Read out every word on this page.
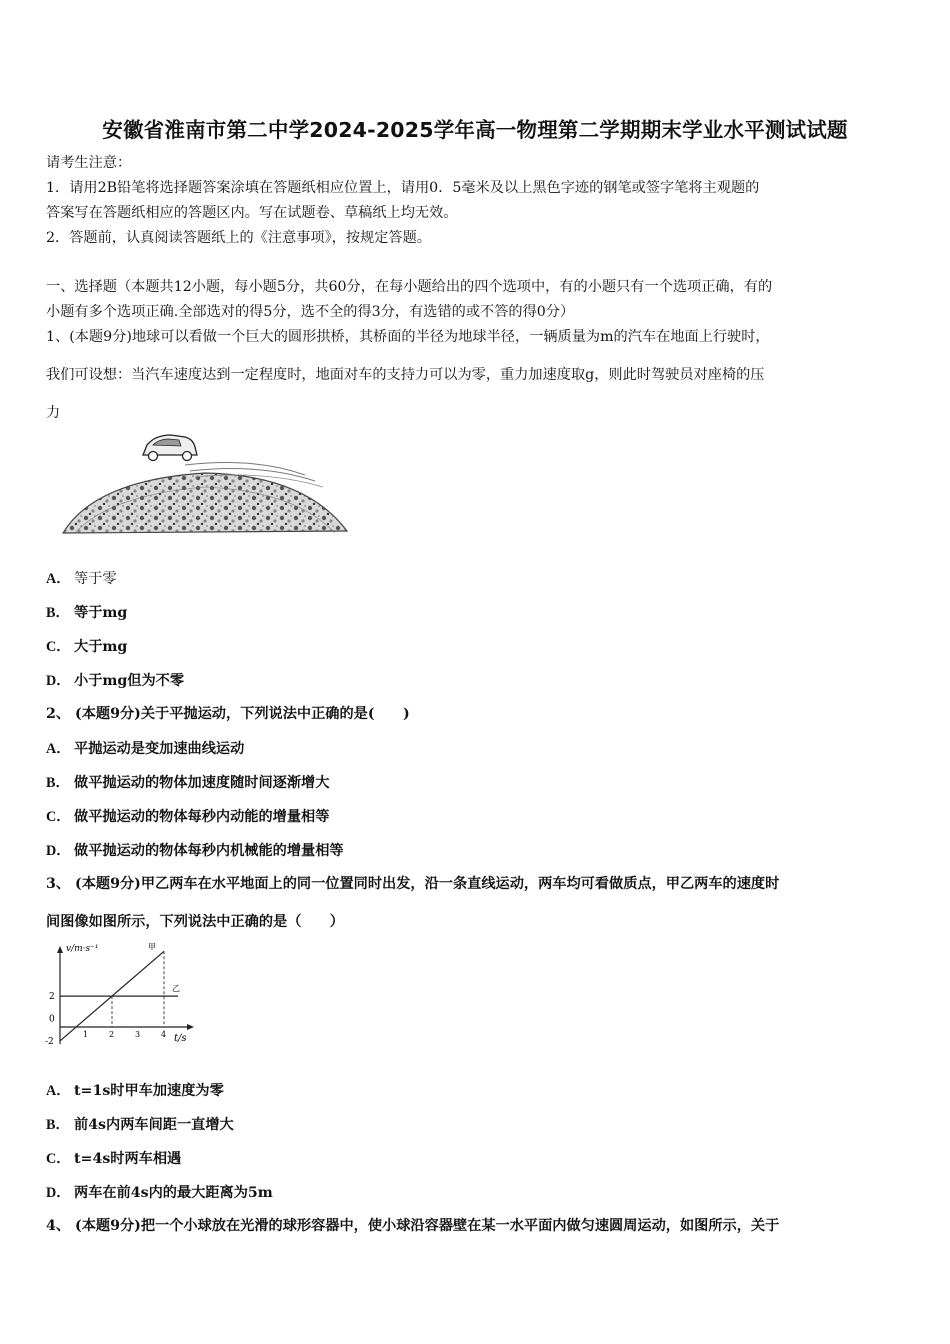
安徽省淮南市第二中学2024-2025学年高一物理第二学期期末学业水平测试试题
请考生注意：
1．请用2B铅笔将选择题答案涂填在答题纸相应位置上，请用0．5毫米及以上黑色字迹的钢笔或签字笔将主观题的
答案写在答题纸相应的答题区内。写在试题卷、草稿纸上均无效。
2．答题前，认真阅读答题纸上的《注意事项》，按规定答题。
一、选择题（本题共12小题，每小题5分，共60分，在每小题给出的四个选项中，有的小题只有一个选项正确，有的
小题有多个选项正确.全部选对的得5分，选不全的得3分，有选错的或不答的得0分）
1、(本题9分)地球可以看做一个巨大的圆形拱桥，其桥面的半径为地球半径，一辆质量为m的汽车在地面上行驶时，
我们可设想：当汽车速度达到一定程度时，地面对车的支持力可以为零，重力加速度取g，则此时驾驶员对座椅的压
力
A． 等于零
B． 等于mg
C． 大于mg
D． 小于mg但为不零
2、 (本题9分)关于平抛运动，下列说法中正确的是(　　)
A． 平抛运动是变加速曲线运动
B． 做平抛运动的物体加速度随时间逐渐增大
C． 做平抛运动的物体每秒内动能的增量相等
D． 做平抛运动的物体每秒内机械能的增量相等
3、 (本题9分)甲乙两车在水平地面上的同一位置同时出发，沿一条直线运动，两车均可看做质点，甲乙两车的速度时
间图像如图所示，下列说法中正确的是（　　）
v/m·s⁻¹
t/s
1	2	3	4
2
0
-2
甲
乙
A． t=1s时甲车加速度为零
B． 前4s内两车间距一直增大
C． t=4s时两车相遇
D． 两车在前4s内的最大距离为5m
4、 (本题9分)把一个小球放在光滑的球形容器中，使小球沿容器壁在某一水平面内做匀速圆周运动，如图所示，关于
